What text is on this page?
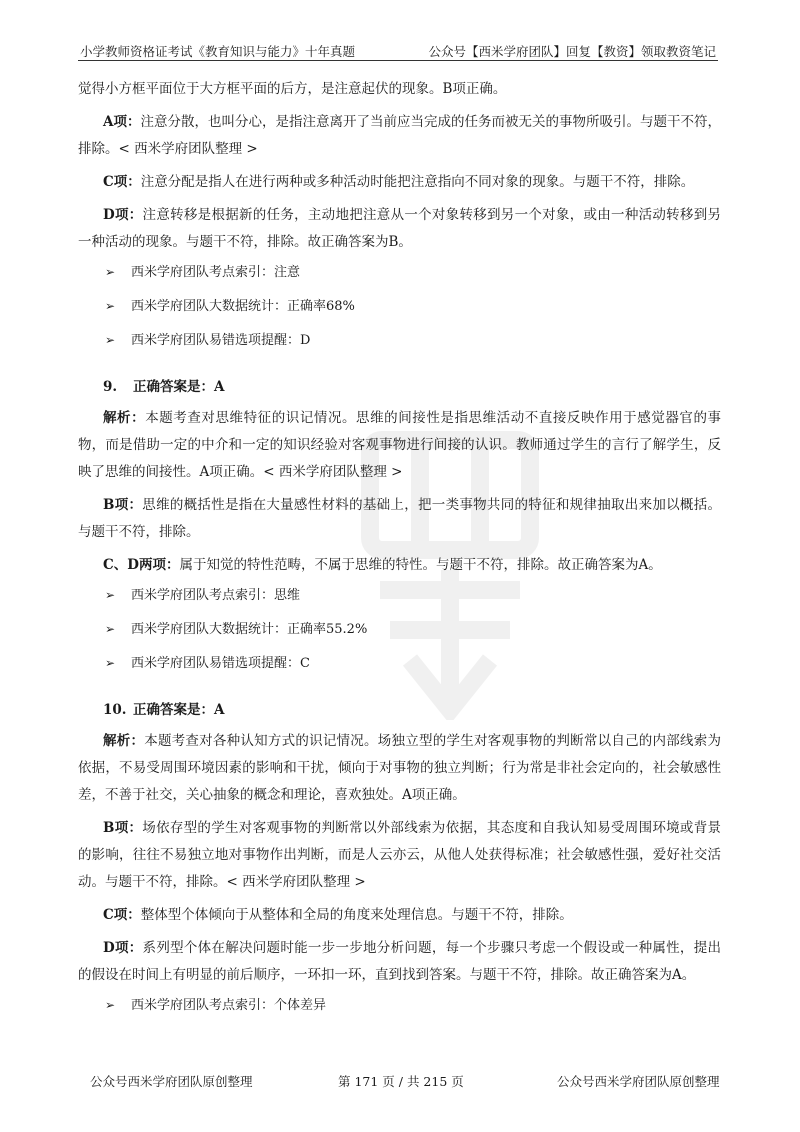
小学教师资格证考试《教育知识与能力》十年真题	公众号【西米学府团队】回复【教资】领取教资笔记

觉得小方框平面位于大方框平面的后方，是注意起伏的现象。B项正确。

A项：注意分散，也叫分心，是指注意离开了当前应当完成的任务而被无关的事物所吸引。与题干不符，排除。< 西米学府团队整理 >

C项：注意分配是指人在进行两种或多种活动时能把注意指向不同对象的现象。与题干不符，排除。

D项：注意转移是根据新的任务，主动地把注意从一个对象转移到另一个对象，或由一种活动转移到另一种活动的现象。与题干不符，排除。故正确答案为B。

➢ 西米学府团队考点索引：注意
➢ 西米学府团队大数据统计：正确率68%
➢ 西米学府团队易错选项提醒：D
9. 正确答案是：A

解析：本题考查对思维特征的识记情况。思维的间接性是指思维活动不直接反映作用于感觉器官的事物，而是借助一定的中介和一定的知识经验对客观事物进行间接的认识。教师通过学生的言行了解学生，反映了思维的间接性。A项正确。< 西米学府团队整理 >

B项：思维的概括性是指在大量感性材料的基础上，把一类事物共同的特征和规律抽取出来加以概括。与题干不符，排除。

C、D两项：属于知觉的特性范畴，不属于思维的特性。与题干不符，排除。故正确答案为A。

➢ 西米学府团队考点索引：思维
➢ 西米学府团队大数据统计：正确率55.2%
➢ 西米学府团队易错选项提醒：C
10. 正确答案是：A

解析：本题考查对各种认知方式的识记情况。场独立型的学生对客观事物的判断常以自己的内部线索为依据，不易受周围环境因素的影响和干扰，倾向于对事物的独立判断；行为常是非社会定向的，社会敏感性差，不善于社交，关心抽象的概念和理论，喜欢独处。A项正确。

B项：场依存型的学生对客观事物的判断常以外部线索为依据，其态度和自我认知易受周围环境或背景的影响，往往不易独立地对事物作出判断，而是人云亦云，从他人处获得标准；社会敏感性强，爱好社交活动。与题干不符，排除。< 西米学府团队整理 >

C项：整体型个体倾向于从整体和全局的角度来处理信息。与题干不符，排除。

D项：系列型个体在解决问题时能一步一步地分析问题，每一个步骤只考虑一个假设或一种属性，提出的假设在时间上有明显的前后顺序，一环扣一环，直到找到答案。与题干不符，排除。故正确答案为A。

➢ 西米学府团队考点索引：个体差异
公众号西米学府团队原创整理	第 171 页 / 共 215 页	公众号西米学府团队原创整理
